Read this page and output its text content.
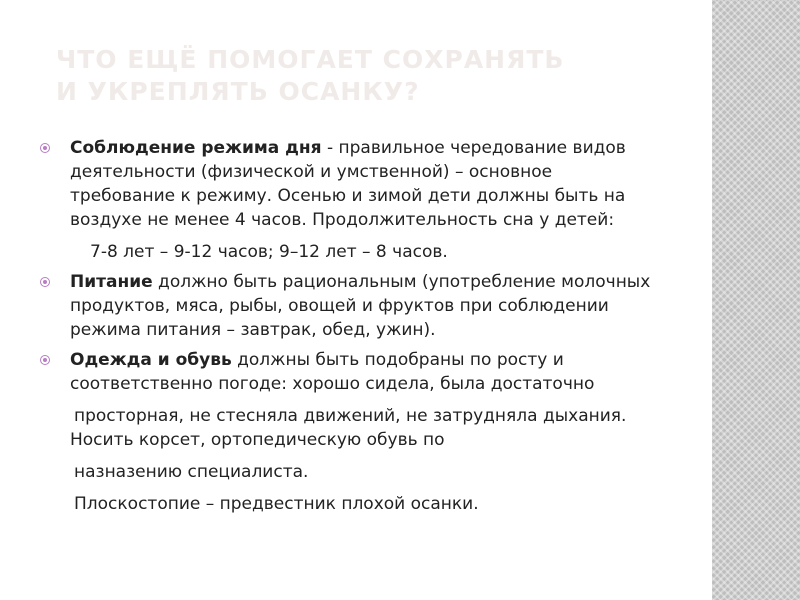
ЧТО ЕЩЁ ПОМОГАЕТ СОХРАНЯТЬ
И УКРЕПЛЯТЬ ОСАНКУ?
Соблюдение режима дня - правильное чередование видов
деятельности (физической и умственной) – основное
требование к режиму. Осенью и зимой дети должны быть на
воздухе не менее 4 часов. Продолжительность сна у детей:
7-8 лет – 9-12 часов; 9–12 лет – 8 часов.
Питание должно быть рациональным (употребление молочных
продуктов, мяса, рыбы, овощей и фруктов при соблюдении
режима питания – завтрак, обед, ужин).
Одежда и обувь должны быть подобраны по росту и
соответственно погоде: хорошо сидела, была достаточно
просторная, не стесняла движений, не затрудняла дыхания.
Носить корсет, ортопедическую обувь по
назназению специалиста.
Плоскостопие – предвестник плохой осанки.
